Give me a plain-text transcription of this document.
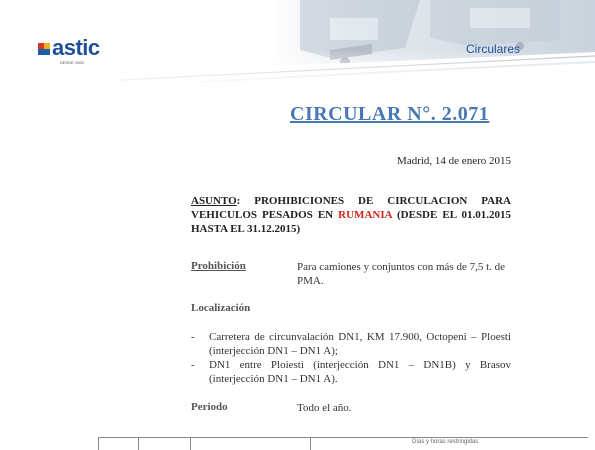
astic
DESDE 1960
Circulares
CIRCULAR N°. 2.071
Madrid, 14 de enero 2015
ASUNTO: PROHIBICIONES DE CIRCULACION PARA VEHICULOS PESADOS EN RUMANIA (DESDE EL 01.01.2015 HASTA EL 31.12.2015)
Prohibición	Para camiones y conjuntos con más de 7,5 t. de PMA.
Localización
- Carretera de circunvalación DN1, KM 17.900, Octopeni – Ploesti (interjección DN1 – DN1 A);
- DN1 entre Ploiesti (interjección DN1 – DN1B) y Brasov (interjección DN1 – DN1 A).
Periodo	Todo el año.
Días y horas restringidas
